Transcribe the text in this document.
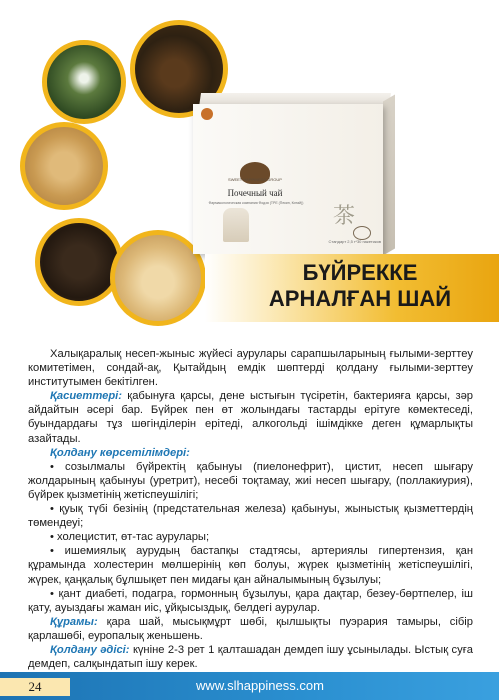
SWEET HAPPINESS GROUP
Почечный чай
Фармакологическая компания Фодзя (ТРЕ (Пекин, Китай))
茶
Стандарт 2,5 г*30 пакетиков
БҮЙРЕККЕ
АРНАЛҒАН ШАЙ

Халықаралық несеп-жыныс жүйесі аурулары сарапшыларының ғылыми-зерттеу комитетімен, сондай-ақ, Қытайдың емдік шөптерді қолдану ғылыми-зерттеу институтымен бекітілген.

Қасиеттері: қабынуға қарсы, дене ыстығын түсіретін, бактерияға қарсы, зәр айдайтын әсері бар. Бүйрек пен өт жолындағы тастарды ерітуге көмектеседі, буындардағы тұз шөгінділерін ерітеді, алкогольді ішімдікке деген құмарлықты азайтады.

Қолдану көрсетілімдері:

• созылмалы бүйректің қабынуы (пиелонефрит), цистит, несеп шығару жолдарының қабынуы (уретрит), несебі тоқтамау, жиі несеп шығару, (поллакиурия), бүйрек қызметінің жетіспеушілігі;

• қуық түбі безінің (предстательная железа) қабынуы, жыныстық қызметтердің төмендеуі;

• холецистит, өт-тас аурулары;

• ишемиялық аурудың бастапқы стадтясы, артериялы гипертензия, қан құрамында холестерин мөлшерінің көп болуы, жүрек қызметінің жетіспеушілігі, жүрек, қаңқалық бұлшықет пен мидағы қан айналымының бұзылуы;

• қант диабеті, подагра, гормонның бұзылуы, қара дақтар, безеу-бөртпелер, іш қату, ауыздағы жаман иіс, ұйқысыздық, белдегі аурулар.

Құрамы: қара шай, мысықмұрт шөбі, қылшықты пуэрария тамыры, сібір қарлашөбі, еуропалық женьшень.

Қолдану әдісі: күніне 2-3 рет 1 қалташадан демдеп ішу ұсынылады. Ыстық суға демдеп, салқындатып ішу керек.

24	www.slhappiness.com
